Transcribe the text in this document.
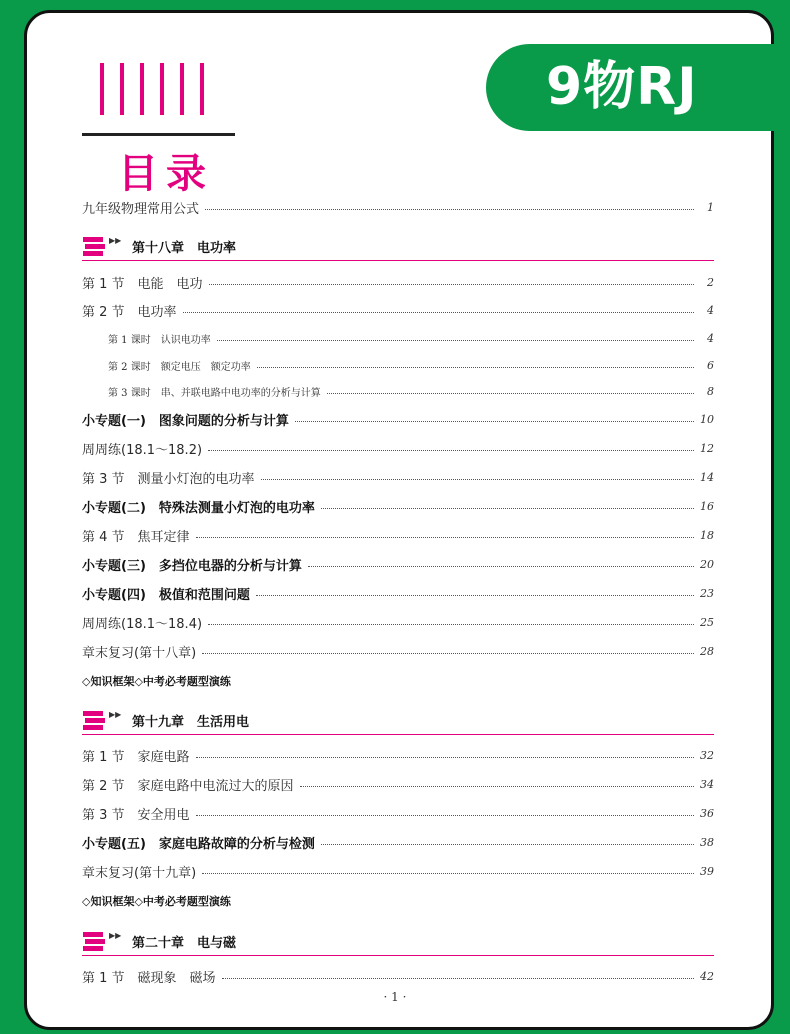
9物RJ
目录
九年级物理常用公式	1
▶▶
第十八章　电功率
第 1 节　电能　电功	2
第 2 节　电功率	4
第 1 课时　认识电功率	4
第 2 课时　额定电压　额定功率	6
第 3 课时　串、并联电路中电功率的分析与计算	8
小专题(一)　图象问题的分析与计算	10
周周练(18.1～18.2)	12
第 3 节　测量小灯泡的电功率	14
小专题(二)　特殊法测量小灯泡的电功率	16
第 4 节　焦耳定律	18
小专题(三)　多挡位电器的分析与计算	20
小专题(四)　极值和范围问题	23
周周练(18.1～18.4)	25
章末复习(第十八章)	28
◇知识框架◇中考必考题型演练
▶▶
第十九章　生活用电
第 1 节　家庭电路	32
第 2 节　家庭电路中电流过大的原因	34
第 3 节　安全用电	36
小专题(五)　家庭电路故障的分析与检测	38
章末复习(第十九章)	39
◇知识框架◇中考必考题型演练
▶▶
第二十章　电与磁
第 1 节　磁现象　磁场	42
· 1 ·
